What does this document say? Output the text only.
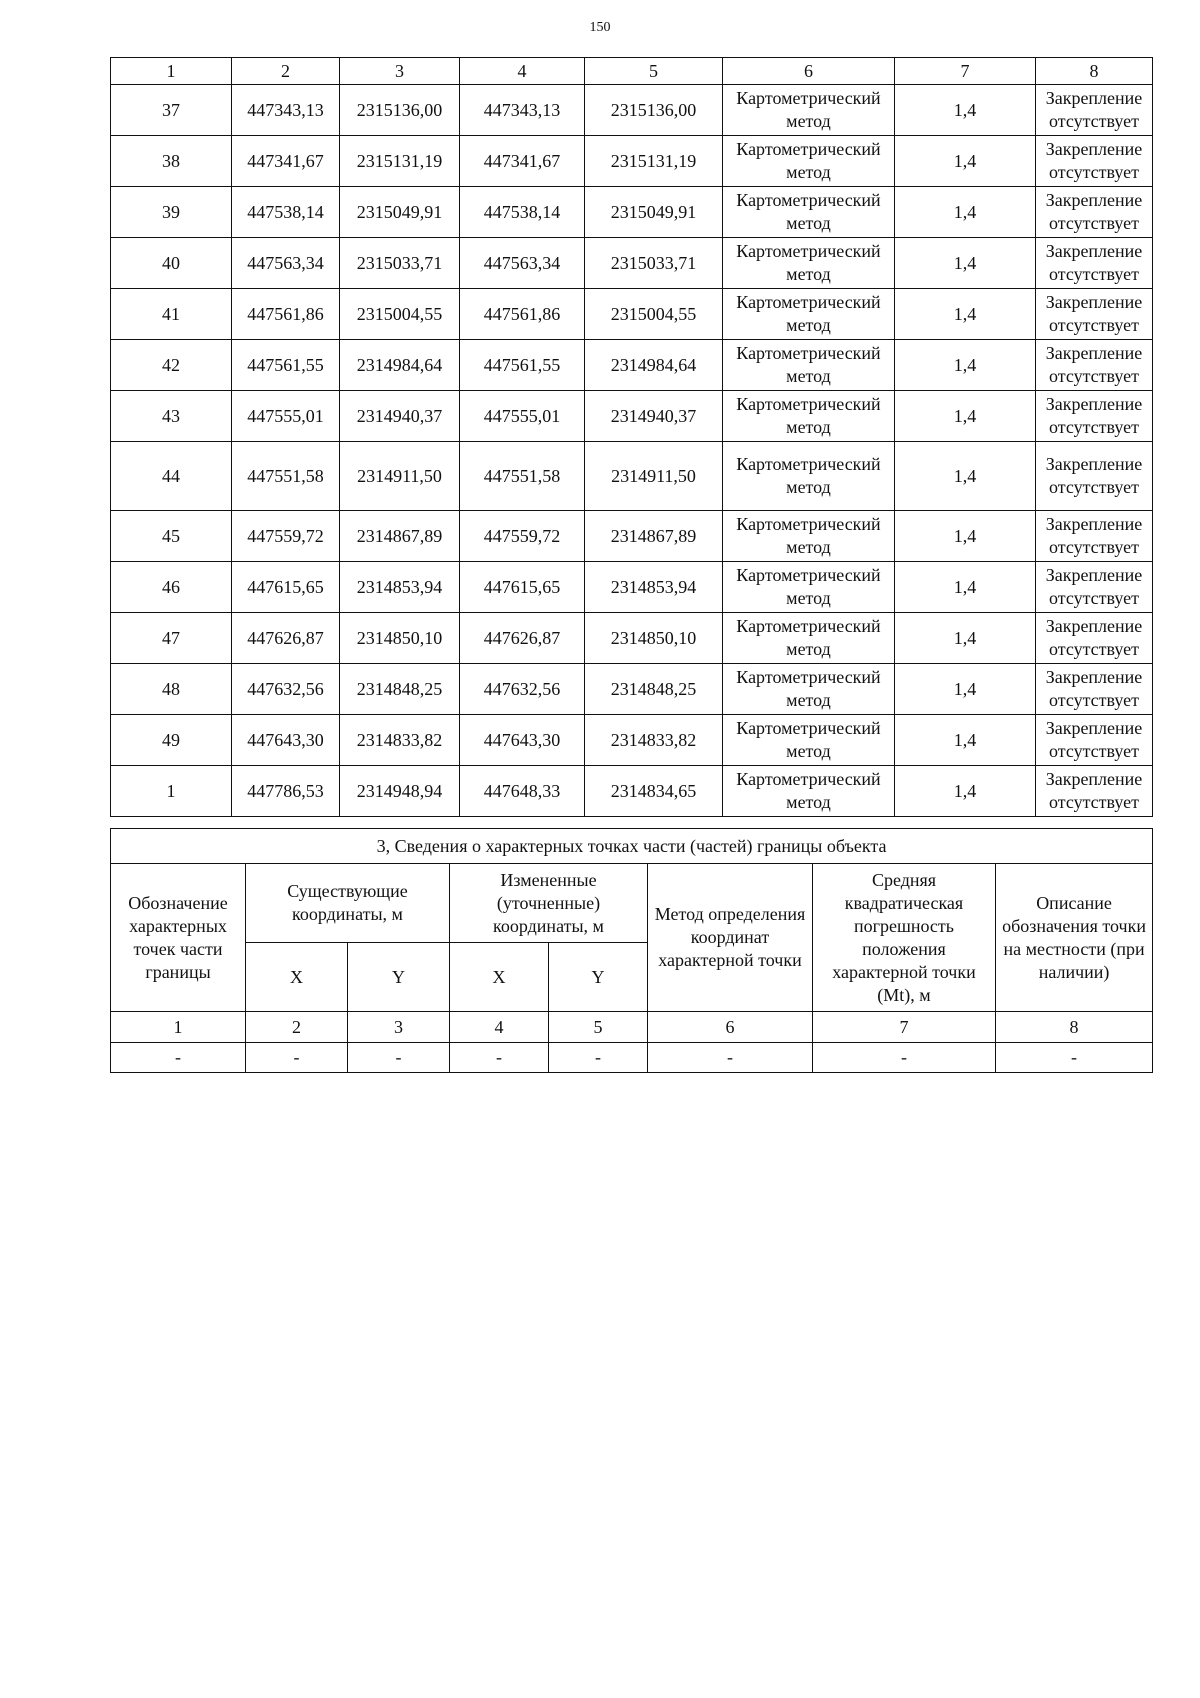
150
1	2	3	4	5	6	7	8
37	447343,13	2315136,00	447343,13	2315136,00	Картометрический метод	1,4	Закрепление отсутствует
38	447341,67	2315131,19	447341,67	2315131,19	Картометрический метод	1,4	Закрепление отсутствует
39	447538,14	2315049,91	447538,14	2315049,91	Картометрический метод	1,4	Закрепление отсутствует
40	447563,34	2315033,71	447563,34	2315033,71	Картометрический метод	1,4	Закрепление отсутствует
41	447561,86	2315004,55	447561,86	2315004,55	Картометрический метод	1,4	Закрепление отсутствует
42	447561,55	2314984,64	447561,55	2314984,64	Картометрический метод	1,4	Закрепление отсутствует
43	447555,01	2314940,37	447555,01	2314940,37	Картометрический метод	1,4	Закрепление отсутствует
44	447551,58	2314911,50	447551,58	2314911,50	Картометрический метод	1,4	Закрепление отсутствует
45	447559,72	2314867,89	447559,72	2314867,89	Картометрический метод	1,4	Закрепление отсутствует
46	447615,65	2314853,94	447615,65	2314853,94	Картометрический метод	1,4	Закрепление отсутствует
47	447626,87	2314850,10	447626,87	2314850,10	Картометрический метод	1,4	Закрепление отсутствует
48	447632,56	2314848,25	447632,56	2314848,25	Картометрический метод	1,4	Закрепление отсутствует
49	447643,30	2314833,82	447643,30	2314833,82	Картометрический метод	1,4	Закрепление отсутствует
1	447786,53	2314948,94	447648,33	2314834,65	Картометрический метод	1,4	Закрепление отсутствует
3, Сведения о характерных точках части (частей) границы объекта							
Обозначение характерных точек части границы	Существующие координаты, м		Измененные (уточненные) координаты, м		Метод определения координат характерной точки	Средняя квадратическая погрешность положения характерной точки (Mt), м	Описание обозначения точки на местности (при наличии)
	X	Y	X	Y			
1	2	3	4	5	6	7	8
-	-	-	-	-	-	-	-
